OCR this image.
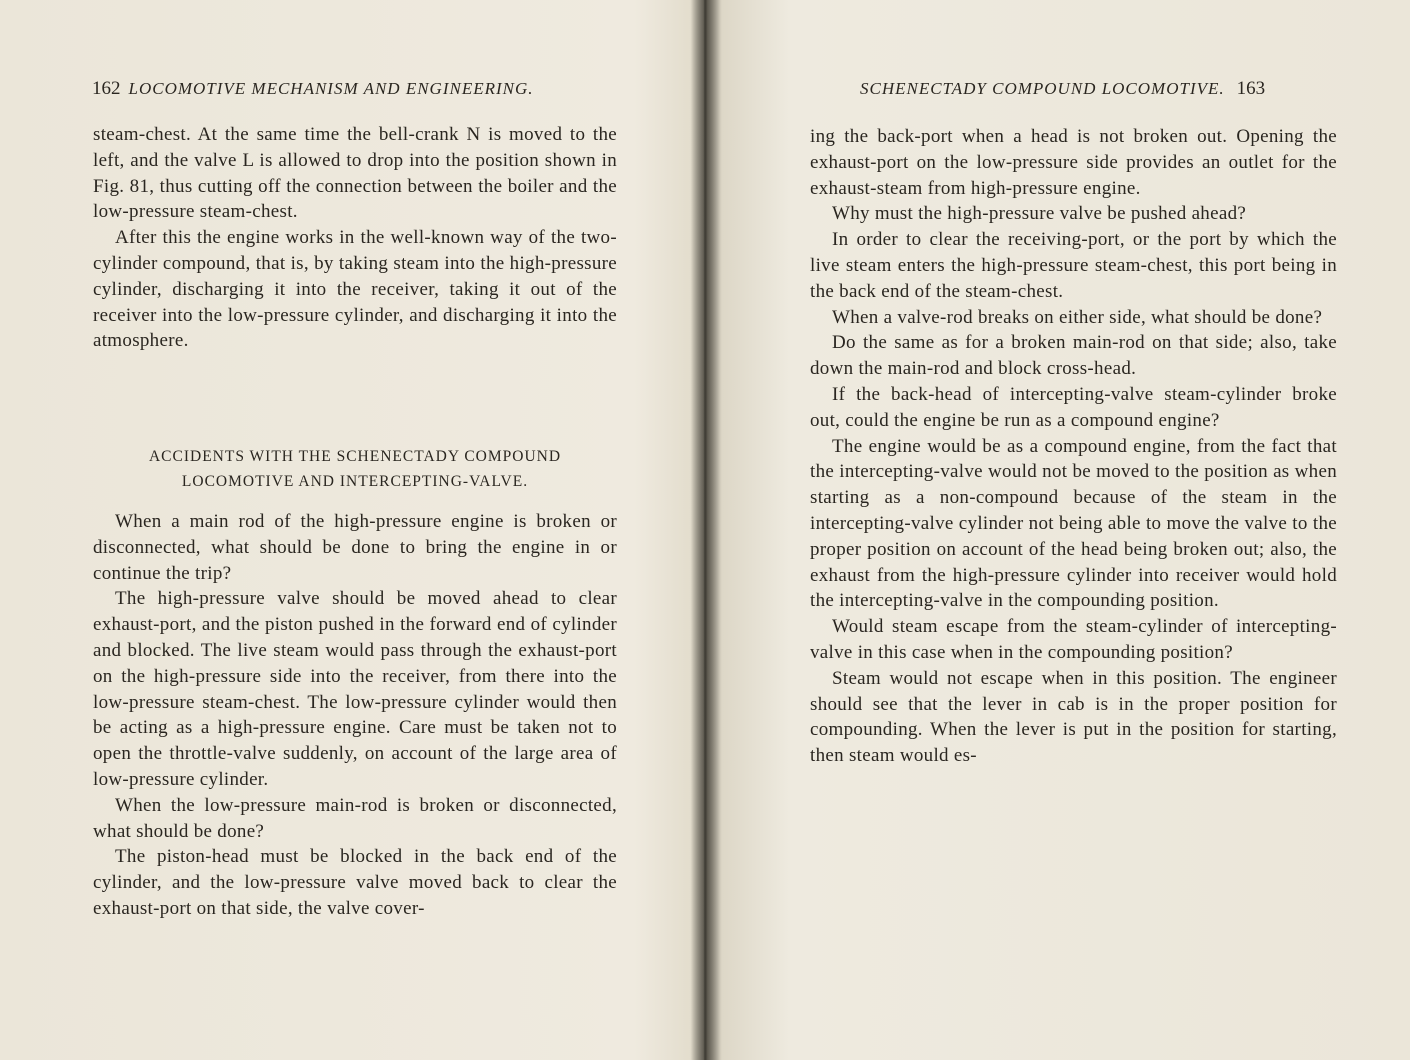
162 LOCOMOTIVE MECHANISM AND ENGINEERING.

steam-chest. At the same time the bell-crank N is moved to the left, and the valve L is allowed to drop into the position shown in Fig. 81, thus cutting off the connection between the boiler and the low-pressure steam-chest.

After this the engine works in the well-known way of the two-cylinder compound, that is, by taking steam into the high-pressure cylinder, discharging it into the receiver, taking it out of the receiver into the low-pressure cylinder, and discharging it into the atmosphere.

ACCIDENTS WITH THE SCHENECTADY COMPOUND
LOCOMOTIVE AND INTERCEPTING-VALVE.

When a main rod of the high-pressure engine is broken or disconnected, what should be done to bring the engine in or continue the trip?

The high-pressure valve should be moved ahead to clear exhaust-port, and the piston pushed in the forward end of cylinder and blocked. The live steam would pass through the exhaust-port on the high-pressure side into the receiver, from there into the low-pressure steam-chest. The low-pressure cylinder would then be acting as a high-pressure engine. Care must be taken not to open the throttle-valve suddenly, on account of the large area of low-pressure cylinder.

When the low-pressure main-rod is broken or disconnected, what should be done?

The piston-head must be blocked in the back end of the cylinder, and the low-pressure valve moved back to clear the exhaust-port on that side, the valve cover-

SCHENECTADY COMPOUND LOCOMOTIVE. 163

ing the back-port when a head is not broken out. Opening the exhaust-port on the low-pressure side provides an outlet for the exhaust-steam from high-pressure engine.

Why must the high-pressure valve be pushed ahead?

In order to clear the receiving-port, or the port by which the live steam enters the high-pressure steam-chest, this port being in the back end of the steam-chest.

When a valve-rod breaks on either side, what should be done?

Do the same as for a broken main-rod on that side; also, take down the main-rod and block cross-head.

If the back-head of intercepting-valve steam-cylinder broke out, could the engine be run as a compound engine?

The engine would be as a compound engine, from the fact that the intercepting-valve would not be moved to the position as when starting as a non-compound because of the steam in the intercepting-valve cylinder not being able to move the valve to the proper position on account of the head being broken out; also, the exhaust from the high-pressure cylinder into receiver would hold the intercepting-valve in the compounding position.

Would steam escape from the steam-cylinder of intercepting-valve in this case when in the compounding position?

Steam would not escape when in this position. The engineer should see that the lever in cab is in the proper position for compounding. When the lever is put in the position for starting, then steam would es-
